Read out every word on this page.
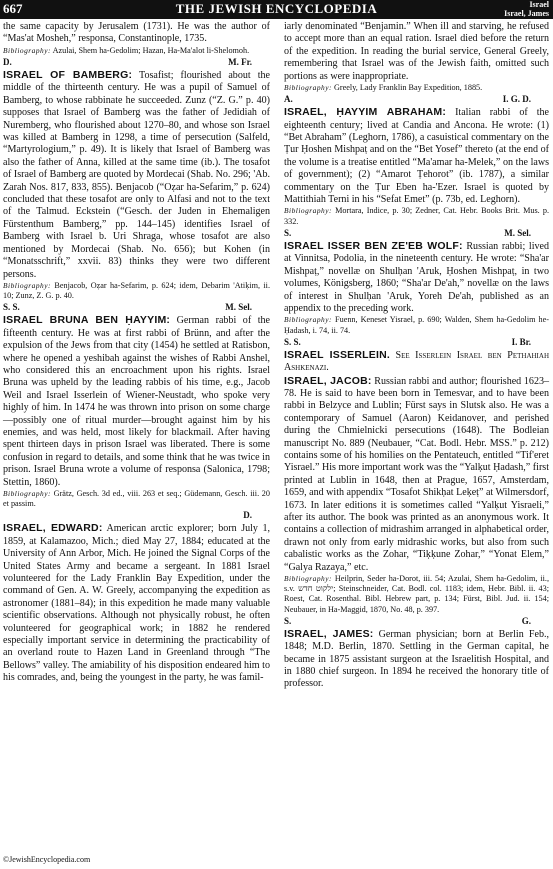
667	THE JEWISH ENCYCLOPEDIA	Israel
Israel, James

the same capacity by Jerusalem (1731). He was the author of “Mas'at Mosheh,” responsa, Constantinople, 1735.

Bibliography: Azulai, Shem ha-Gedolim; Hazan, Ha-Ma'alot li-Shelomoh.

D.	M. Fr.

ISRAEL OF BAMBERG: Tosafist; flourished about the middle of the thirteenth century. He was a pupil of Samuel of Bamberg, to whose rabbinate he succeeded. Zunz (“Z. G.” p. 40) supposes that Israel of Bamberg was the father of Jedidiah of Nuremberg, who flourished about 1270–80, and whose son Israel was killed at Bamberg in 1298, a time of persecution (Salfeld, “Martyrologium,” p. 49). It is likely that Israel of Bamberg was also the father of Anna, killed at the same time (ib.). The tosafot of Israel of Bamberg are quoted by Mordecai (Shab. No. 296; 'Ab. Zarah Nos. 817, 833, 855). Benjacob (“Oẓar ha-Sefarim,” p. 624) concluded that these tosafot are only to Alfasi and not to the text of the Talmud. Eckstein (“Gesch. der Juden in Ehemaligen Fürstenthum Bamberg,” pp. 144–145) identifies Israel of Bamberg with Israel b. Uri Shraga, whose tosafot are also mentioned by Mordecai (Shab. No. 656); but Kohen (in “Monatsschrift,” xxvii. 83) thinks they were two different persons.

Bibliography: Benjacob, Oẓar ha-Sefarim, p. 624; idem, Debarim 'Atiḳim, ii. 10; Zunz, Z. G. p. 40.

S. S.	M. Sel.

ISRAEL BRUNA BEN ḤAYYIM: German rabbi of the fifteenth century. He was at first rabbi of Brünn, and after the expulsion of the Jews from that city (1454) he settled at Ratisbon, where he opened a yeshibah against the wishes of Rabbi Anshel, who considered this an encroachment upon his rights. Israel Bruna was upheld by the leading rabbis of his time, e.g., Jacob Weil and Israel Isserlein of Wiener-Neustadt, who spoke very highly of him. In 1474 he was thrown into prison on some charge—possibly one of ritual murder—brought against him by his enemies, and was held, most likely for blackmail. After having spent thirteen days in prison Israel was liberated. There is some confusion in regard to details, and some think that he was twice in prison. Israel Bruna wrote a volume of responsa (Salonica, 1798; Stettin, 1860).

Bibliography: Grätz, Gesch. 3d ed., viii. 263 et seq.; Güdemann, Gesch. iii. 20 et passim.

D.

ISRAEL, EDWARD: American arctic explorer; born July 1, 1859, at Kalamazoo, Mich.; died May 27, 1884; educated at the University of Ann Arbor, Mich. He joined the Signal Corps of the United States Army and became a sergeant. In 1881 Israel volunteered for the Lady Franklin Bay Expedition, under the command of Gen. A. W. Greely, accompanying the expedition as astronomer (1881–84); in this expedition he made many valuable scientific observations. Although not physically robust, he often volunteered for geographical work; in 1882 he rendered especially important service in determining the practicability of an overland route to Hazen Land in Greenland through “The Bellows” valley. The amiability of his disposition endeared him to his comrades, and, being the youngest in the party, he was famil-

iarly denominated “Benjamin.” When ill and starving, he refused to accept more than an equal ration. Israel died before the return of the expedition. In reading the burial service, General Greely, remembering that Israel was of the Jewish faith, omitted such portions as were inappropriate.

Bibliography: Greely, Lady Franklin Bay Expedition, 1885.

A.	I. G. D.

ISRAEL, ḤAYYIM ABRAHAM: Italian rabbi of the eighteenth century; lived at Candia and Ancona. He wrote: (1) “Bet Abraham” (Leghorn, 1786), a casuistical commentary on the Ṭur Ḥoshen Mishpaṭ and on the “Bet Yosef” thereto (at the end of the volume is a treatise entitled “Ma'amar ha-Melek,” on the laws of government); (2) “Amarot Ṭehorot” (ib. 1787), a similar commentary on the Ṭur Eben ha-'Ezer. Israel is quoted by Mattithiah Terni in his “Sefat Emet” (p. 73b, ed. Leghorn).

Bibliography: Mortara, Indice, p. 30; Zedner, Cat. Hebr. Books Brit. Mus. p. 332.

S.	M. Sel.

ISRAEL ISSER BEN ZE'EB WOLF: Russian rabbi; lived at Vinnitsa, Podolia, in the nineteenth century. He wrote: “Sha'ar Mishpaṭ,” novellæ on Shulḥan 'Aruk, Ḥoshen Mishpaṭ, in two volumes, Königsberg, 1860; “Sha'ar De'ah,” novellæ on the laws of interest in Shulḥan 'Aruk, Yoreh De'ah, published as an appendix to the preceding work.

Bibliography: Fuenn, Keneset Yisrael, p. 690; Walden, Shem ha-Gedolim he-Ḥadash, i. 74, ii. 74.

S. S.	I. Br.

ISRAEL ISSERLEIN. See Isserlein Israel ben Pethahiah Ashkenazi.

ISRAEL, JACOB: Russian rabbi and author; flourished 1623–78. He is said to have been born in Temesvar, and to have been rabbi in Belzyce and Lublin; Fürst says in Slutsk also. He was a contemporary of Samuel (Aaron) Keidanover, and perished during the Chmielnicki persecutions (1648). The Bodleian manuscript No. 889 (Neubauer, “Cat. Bodl. Hebr. MSS.” p. 212) contains some of his homilies on the Pentateuch, entitled “Tif'eret Yisrael.” His more important work was the “Yalḳut Ḥadash,” first printed at Lublin in 1648, then at Prague, 1657, Amsterdam, 1659, and with appendix “Tosafot Shikḥat Leḳeṭ” at Wilmersdorf, 1673. In later editions it is sometimes called “Yalḳut Yisraeli,” after its author. The book was printed as an anonymous work. It contains a collection of midrashim arranged in alphabetical order, drawn not only from early midrashic works, but also from such cabalistic works as the Zohar, “Tiḳḳune Zohar,” “Yonat Elem,” “Galya Razaya,” etc.

Bibliography: Heilprin, Seder ha-Dorot, iii. 54; Azulai, Shem ha-Gedolim, ii., s.v. ילקוט חדש; Steinschneider, Cat. Bodl. col. 1183; idem, Hebr. Bibl. ii. 43; Roest, Cat. Rosenthal. Bibl. Hebrew part, p. 134; Fürst, Bibl. Jud. ii. 154; Neubauer, in Ha-Maggid, 1870, No. 48, p. 397.

S.	G.

ISRAEL, JAMES: German physician; born at Berlin Feb., 1848; M.D. Berlin, 1870. Settling in the German capital, he became in 1875 assistant surgeon at the Israelitish Hospital, and in 1880 chief surgeon. In 1894 he received the honorary title of professor.

©JewishEncyclopedia.com
